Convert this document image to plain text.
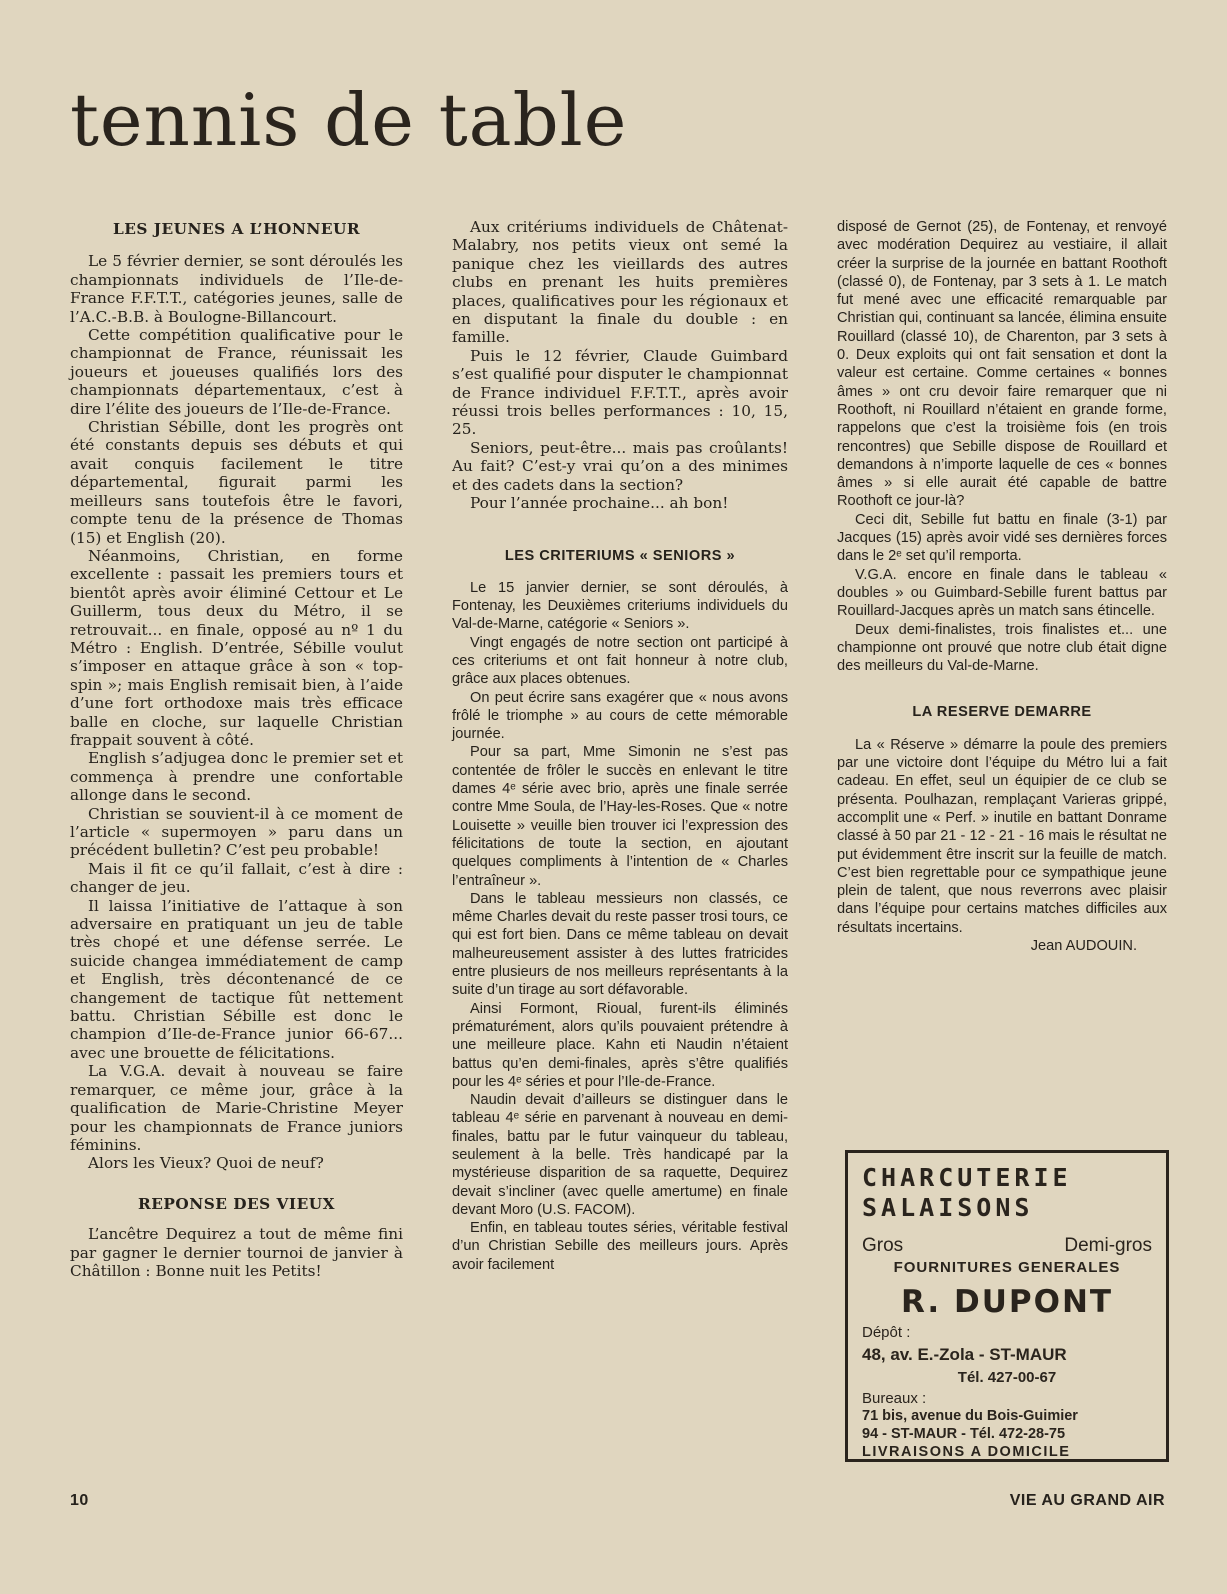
tennis de table
LES JEUNES A L’HONNEUR

Le 5 février dernier, se sont déroulés les championnats individuels de l’Ile-de-France F.F.T.T., catégories jeunes, salle de l’A.C.-B.B. à Boulogne-Billancourt.

Cette compétition qualificative pour le championnat de France, réunissait les joueurs et joueuses qualifiés lors des championnats départementaux, c’est à dire l’élite des joueurs de l’Ile-de-France.

Christian Sébille, dont les progrès ont été constants depuis ses débuts et qui avait conquis facilement le titre départemental, figurait parmi les meilleurs sans toutefois être le favori, compte tenu de la présence de Thomas (15) et English (20).

Néanmoins, Christian, en forme excellente : passait les premiers tours et bientôt après avoir éliminé Cettour et Le Guillerm, tous deux du Métro, il se retrouvait... en finale, opposé au nº 1 du Métro : English. D’entrée, Sébille voulut s’imposer en attaque grâce à son « top-spin »; mais English remisait bien, à l’aide d’une fort orthodoxe mais très efficace balle en cloche, sur laquelle Christian frappait souvent à côté.

English s’adjugea donc le premier set et commença à prendre une confortable allonge dans le second.

Christian se souvient-il à ce moment de l’article « supermoyen » paru dans un précédent bulletin? C’est peu probable!

Mais il fit ce qu’il fallait, c’est à dire : changer de jeu.

Il laissa l’initiative de l’attaque à son adversaire en pratiquant un jeu de table très chopé et une défense serrée. Le suicide changea immédiatement de camp et English, très décontenancé de ce changement de tactique fût nettement battu. Christian Sébille est donc le champion d’Ile-de-France junior 66-67... avec une brouette de félicitations.

La V.G.A. devait à nouveau se faire remarquer, ce même jour, grâce à la qualification de Marie-Christine Meyer pour les championnats de France juniors féminins.

Alors les Vieux? Quoi de neuf?

REPONSE DES VIEUX

L’ancêtre Dequirez a tout de même fini par gagner le dernier tournoi de janvier à Châtillon : Bonne nuit les Petits!

Aux critériums individuels de Châtenat-Malabry, nos petits vieux ont semé la panique chez les vieillards des autres clubs en prenant les huits premières places, qualificatives pour les régionaux et en disputant la finale du double : en famille.

Puis le 12 février, Claude Guimbard s’est qualifié pour disputer le championnat de France individuel F.F.T.T., après avoir réussi trois belles performances : 10, 15, 25.

Seniors, peut-être... mais pas croûlants! Au fait? C’est-y vrai qu’on a des minimes et des cadets dans la section?

Pour l’année prochaine... ah bon!

LES CRITERIUMS « SENIORS »

Le 15 janvier dernier, se sont déroulés, à Fontenay, les Deuxièmes criteriums individuels du Val-de-Marne, catégorie « Seniors ».

Vingt engagés de notre section ont participé à ces criteriums et ont fait honneur à notre club, grâce aux places obtenues.

On peut écrire sans exagérer que « nous avons frôlé le triomphe » au cours de cette mémorable journée.

Pour sa part, Mme Simonin ne s’est pas contentée de frôler le succès en enlevant le titre dames 4ᵉ série avec brio, après une finale serrée contre Mme Soula, de l’Hay-les-Roses. Que « notre Louisette » veuille bien trouver ici l’expression des félicitations de toute la section, en ajoutant quelques compliments à l’intention de « Charles l’entraîneur ».

Dans le tableau messieurs non classés, ce même Charles devait du reste passer trosi tours, ce qui est fort bien. Dans ce même tableau on devait malheureusement assister à des luttes fratricides entre plusieurs de nos meilleurs représentants à la suite d’un tirage au sort défavorable.

Ainsi Formont, Rioual, furent-ils éliminés prématurément, alors qu’ils pouvaient prétendre à une meilleure place. Kahn eti Naudin n’étaient battus qu’en demi-finales, après s’être qualifiés pour les 4ᵉ séries et pour l’Ile-de-France.

Naudin devait d’ailleurs se distinguer dans le tableau 4ᵉ série en parvenant à nouveau en demi-finales, battu par le futur vainqueur du tableau, seulement à la belle. Très handicapé par la mystérieuse disparition de sa raquette, Dequirez devait s’incliner (avec quelle amertume) en finale devant Moro (U.S. FACOM).

Enfin, en tableau toutes séries, véritable festival d’un Christian Sebille des meilleurs jours. Après avoir facilement

disposé de Gernot (25), de Fontenay, et renvoyé avec modération Dequirez au vestiaire, il allait créer la surprise de la journée en battant Roothoft (classé 0), de Fontenay, par 3 sets à 1. Le match fut mené avec une efficacité remarquable par Christian qui, continuant sa lancée, élimina ensuite Rouillard (classé 10), de Charenton, par 3 sets à 0. Deux exploits qui ont fait sensation et dont la valeur est certaine. Comme certaines « bonnes âmes » ont cru devoir faire remarquer que ni Roothoft, ni Rouillard n’étaient en grande forme, rappelons que c’est la troisième fois (en trois rencontres) que Sebille dispose de Rouillard et demandons à n’importe laquelle de ces « bonnes âmes » si elle aurait été capable de battre Roothoft ce jour-là?

Ceci dit, Sebille fut battu en finale (3-1) par Jacques (15) après avoir vidé ses dernières forces dans le 2ᵉ set qu’il remporta.

V.G.A. encore en finale dans le tableau « doubles » ou Guimbard-Sebille furent battus par Rouillard-Jacques après un match sans étincelle.

Deux demi-finalistes, trois finalistes et... une championne ont prouvé que notre club était digne des meilleurs du Val-de-Marne.

LA RESERVE DEMARRE

La « Réserve » démarre la poule des premiers par une victoire dont l’équipe du Métro lui a fait cadeau. En effet, seul un équipier de ce club se présenta. Poulhazan, remplaçant Varieras grippé, accomplit une « Perf. » inutile en battant Donrame classé à 50 par 21 - 12 - 21 - 16 mais le résultat ne put évidemment être inscrit sur la feuille de match. C’est bien regrettable pour ce sympathique jeune plein de talent, que nous reverrons avec plaisir dans l’équipe pour certains matches difficiles aux résultats incertains.

Jean AUDOUIN.

CHARCUTERIE
SALAISONS
Gros	Demi-gros
FOURNITURES GENERALES
R. DUPONT
Dépôt :
48, av. E.-Zola - ST-MAUR
Tél. 427-00-67
Bureaux :
71 bis, avenue du Bois-Guimier
94 - ST-MAUR - Tél. 472-28-75
LIVRAISONS A DOMICILE
10	VIE AU GRAND AIR
